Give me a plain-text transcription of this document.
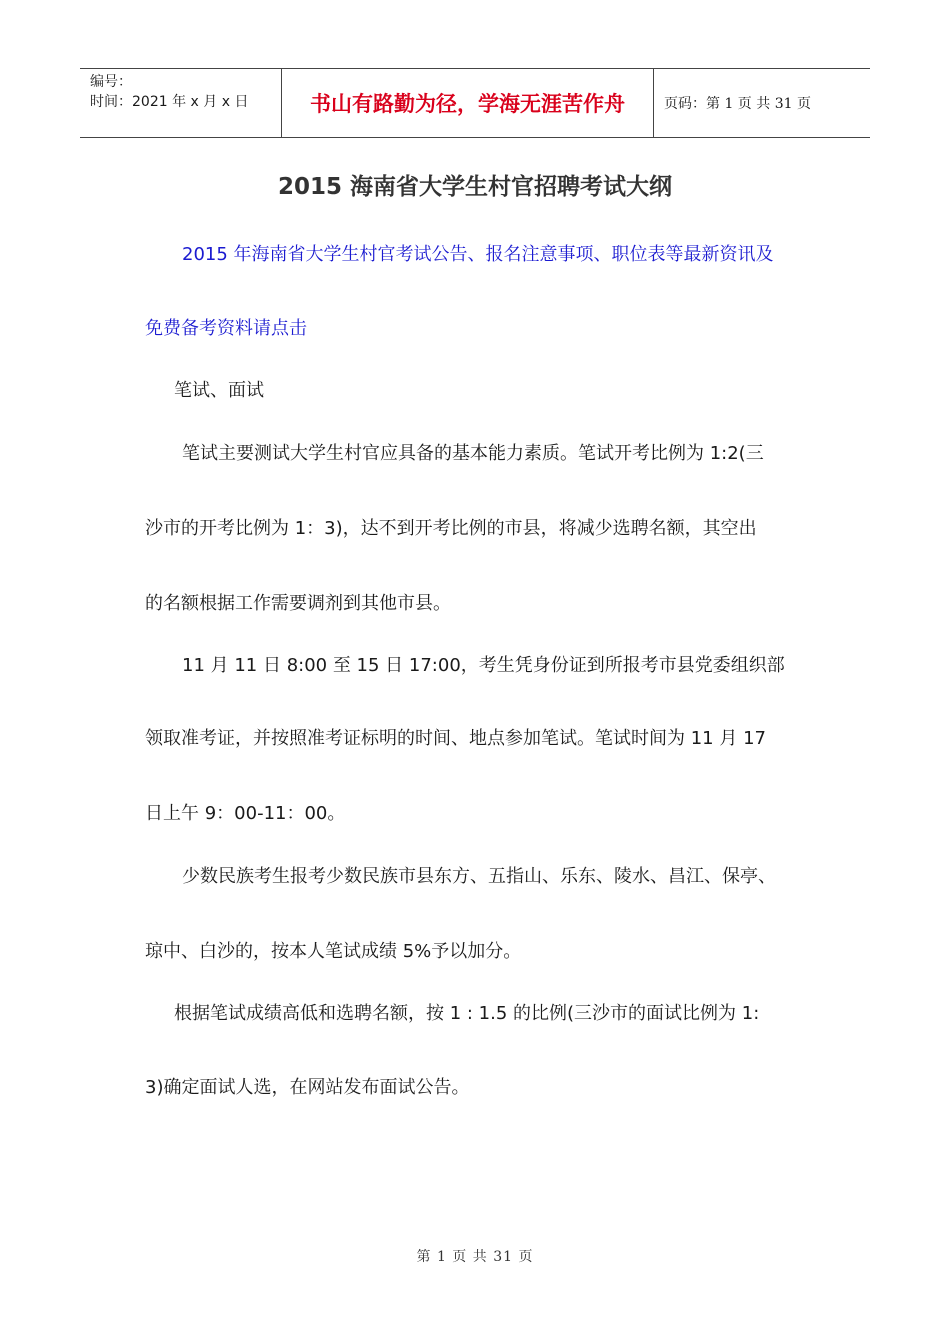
编号：
时间：2021 年 x 月 x 日	书山有路勤为径，学海无涯苦作舟	页码：第 1 页 共 31 页
2015 海南省大学生村官招聘考试大纲
2015 年海南省大学生村官考试公告、报名注意事项、职位表等最新资讯及
免费备考资料请点击
笔试、面试
笔试主要测试大学生村官应具备的基本能力素质。笔试开考比例为 1:2(三
沙市的开考比例为 1：3)，达不到开考比例的市县，将减少选聘名额，其空出
的名额根据工作需要调剂到其他市县。
11 月 11 日 8:00 至 15 日 17:00，考生凭身份证到所报考市县党委组织部
领取准考证，并按照准考证标明的时间、地点参加笔试。笔试时间为 11 月 17
日上午 9：00-11：00。
少数民族考生报考少数民族市县东方、五指山、乐东、陵水、昌江、保亭、
琼中、白沙的，按本人笔试成绩 5%予以加分。
根据笔试成绩高低和选聘名额，按 1 : 1.5 的比例(三沙市的面试比例为 1:
3)确定面试人选，在网站发布面试公告。
第 1 页 共 31 页
